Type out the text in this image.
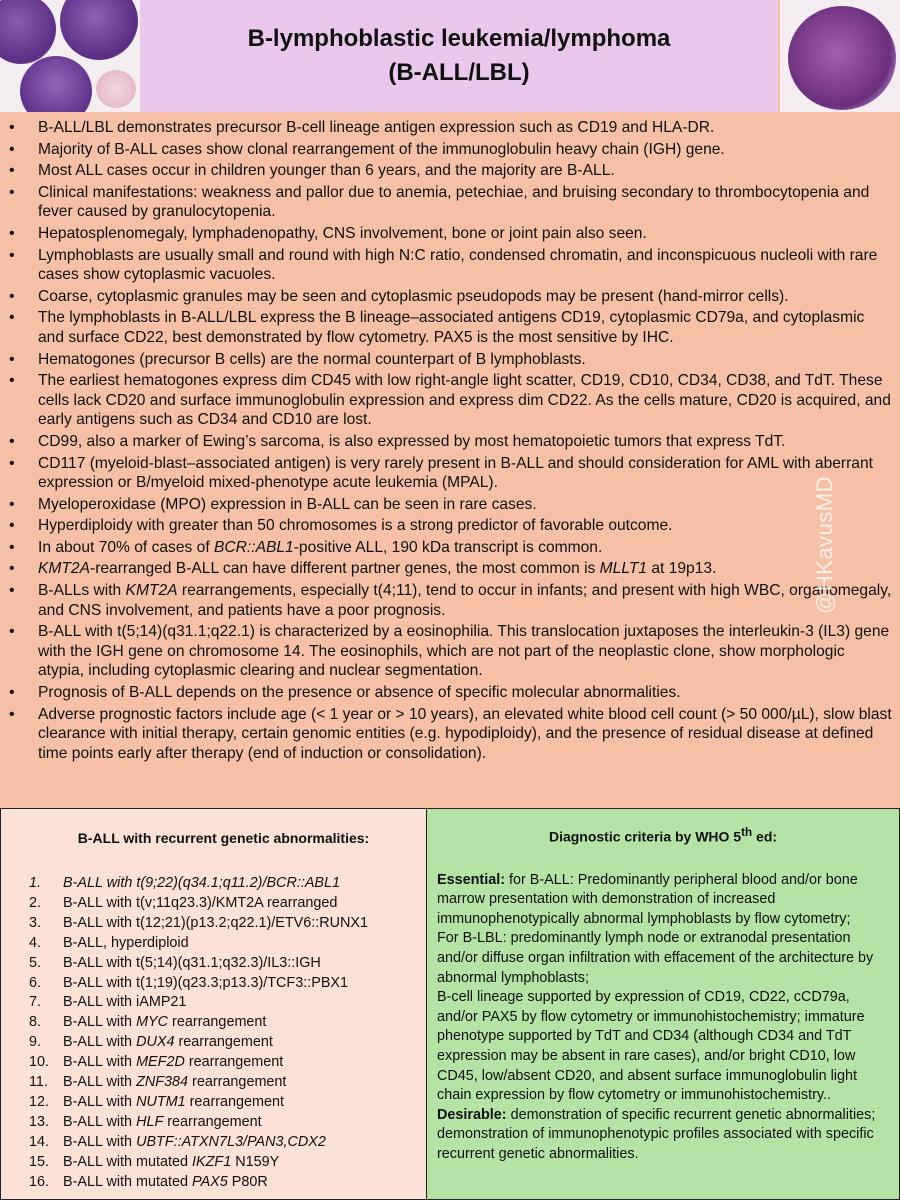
B-lymphoblastic leukemia/lymphoma
(B-ALL/LBL)
• B-ALL/LBL demonstrates precursor B-cell lineage antigen expression such as CD19 and HLA-DR.
• Majority of B-ALL cases show clonal rearrangement of the immunoglobulin heavy chain (IGH) gene.
• Most ALL cases occur in children younger than 6 years, and the majority are B-ALL.
• Clinical manifestations: weakness and pallor due to anemia, petechiae, and bruising secondary to thrombocytopenia and fever caused by granulocytopenia.
• Hepatosplenomegaly, lymphadenopathy, CNS involvement, bone or joint pain also seen.
• Lymphoblasts are usually small and round with high N:C ratio, condensed chromatin, and inconspicuous nucleoli with rare cases show cytoplasmic vacuoles.
• Coarse, cytoplasmic granules may be seen and cytoplasmic pseudopods may be present (hand-mirror cells).
• The lymphoblasts in B-ALL/LBL express the B lineage–associated antigens CD19, cytoplasmic CD79a, and cytoplasmic and surface CD22, best demonstrated by flow cytometry. PAX5 is the most sensitive by IHC.
• Hematogones (precursor B cells) are the normal counterpart of B lymphoblasts.
• The earliest hematogones express dim CD45 with low right-angle light scatter, CD19, CD10, CD34, CD38, and TdT. These cells lack CD20 and surface immunoglobulin expression and express dim CD22. As the cells mature, CD20 is acquired, and early antigens such as CD34 and CD10 are lost.
• CD99, also a marker of Ewing’s sarcoma, is also expressed by most hematopoietic tumors that express TdT.
• CD117 (myeloid-blast–associated antigen) is very rarely present in B-ALL and should consideration for AML with aberrant expression or B/myeloid mixed-phenotype acute leukemia (MPAL).
• Myeloperoxidase (MPO) expression in B-ALL can be seen in rare cases.
• Hyperdiploidy with greater than 50 chromosomes is a strong predictor of favorable outcome.
• In about 70% of cases of BCR::ABL1-positive ALL, 190 kDa transcript is common.
• KMT2A-rearranged B-ALL can have different partner genes, the most common is MLLT1 at 19p13.
• B-ALLs with KMT2A rearrangements, especially t(4;11), tend to occur in infants; and present with high WBC, organomegaly, and CNS involvement, and patients have a poor prognosis.
• B-ALL with t(5;14)(q31.1;q22.1) is characterized by a eosinophilia. This translocation juxtaposes the interleukin-3 (IL3) gene with the IGH gene on chromosome 14. The eosinophils, which are not part of the neoplastic clone, show morphologic atypia, including cytoplasmic clearing and nuclear segmentation.
• Prognosis of B-ALL depends on the presence or absence of specific molecular abnormalities.
• Adverse prognostic factors include age (< 1 year or > 10 years), an elevated white blood cell count (> 50 000/µL), slow blast clearance with initial therapy, certain genomic entities (e.g. hypodiploidy), and the presence of residual disease at defined time points early after therapy (end of induction or consolidation).
@HKavusMD
B-ALL with recurrent genetic abnormalities:
1. B-ALL with t(9;22)(q34.1;q11.2)/BCR::ABL1
2. B-ALL with t(v;11q23.3)/KMT2A rearranged
3. B-ALL with t(12;21)(p13.2;q22.1)/ETV6::RUNX1
4. B-ALL, hyperdiploid
5. B-ALL with t(5;14)(q31.1;q32.3)/IL3::IGH
6. B-ALL with t(1;19)(q23.3;p13.3)/TCF3::PBX1
7. B-ALL with iAMP21
8. B-ALL with MYC rearrangement
9. B-ALL with DUX4 rearrangement
10. B-ALL with MEF2D rearrangement
11. B-ALL with ZNF384 rearrangement
12. B-ALL with NUTM1 rearrangement
13. B-ALL with HLF rearrangement
14. B-ALL with UBTF::ATXN7L3/PAN3,CDX2
15. B-ALL with mutated IKZF1 N159Y
16. B-ALL with mutated PAX5 P80R
Diagnostic criteria by WHO 5th ed:

Essential: for B-ALL: Predominantly peripheral blood and/or bone marrow presentation with demonstration of increased immunophenotypically abnormal lymphoblasts by flow cytometry;

For B-LBL: predominantly lymph node or extranodal presentation and/or diffuse organ infiltration with effacement of the architecture by abnormal lymphoblasts;

B-cell lineage supported by expression of CD19, CD22, cCD79a, and/or PAX5 by flow cytometry or immunohistochemistry; immature phenotype supported by TdT and CD34 (although CD34 and TdT expression may be absent in rare cases), and/or bright CD10, low CD45, low/absent CD20, and absent surface immunoglobulin light chain expression by flow cytometry or immunohistochemistry..

Desirable: demonstration of specific recurrent genetic abnormalities; demonstration of immunophenotypic profiles associated with specific recurrent genetic abnormalities.
